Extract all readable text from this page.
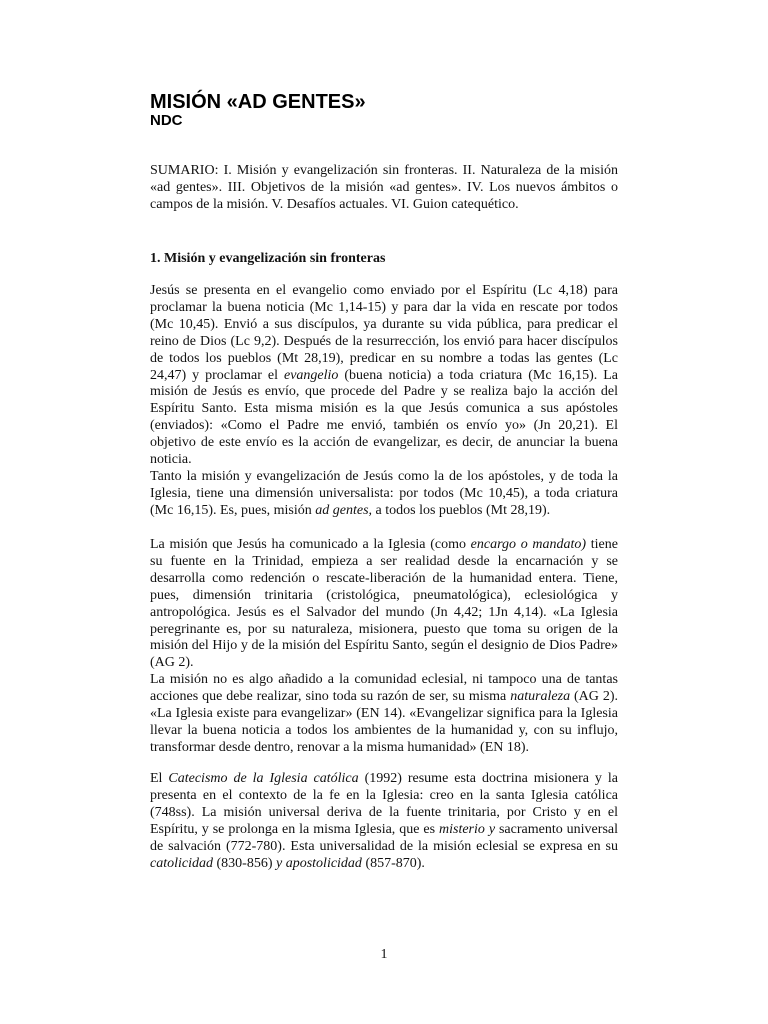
MISIÓN «AD GENTES»
NDC

SUMARIO: I. Misión y evangelización sin fronteras. II. Naturaleza de la misión «ad gentes». III. Objetivos de la misión «ad gentes». IV. Los nuevos ámbitos o campos de la misión. V. Desafíos actuales. VI. Guion catequético.

1. Misión y evangelización sin fronteras

Jesús se presenta en el evangelio como enviado por el Espíritu (Lc 4,18) para proclamar la buena noticia (Mc 1,14-15) y para dar la vida en rescate por todos (Mc 10,45). Envió a sus discípulos, ya durante su vida pública, para predicar el reino de Dios (Lc 9,2). Después de la resurrección, los envió para hacer discípulos de todos los pueblos (Mt 28,19), predicar en su nombre a todas las gentes (Lc 24,47) y proclamar el evangelio (buena noticia) a toda criatura (Mc 16,15). La misión de Jesús es envío, que procede del Padre y se realiza bajo la acción del Espíritu Santo. Esta misma misión es la que Jesús comunica a sus apóstoles (enviados): «Como el Padre me envió, también os envío yo» (Jn 20,21). El objetivo de este envío es la acción de evangelizar, es decir, de anunciar la buena noticia.

Tanto la misión y evangelización de Jesús como la de los apóstoles, y de toda la Iglesia, tiene una dimensión universalista: por todos (Mc 10,45), a toda criatura (Mc 16,15). Es, pues, misión ad gentes, a todos los pueblos (Mt 28,19).

La misión que Jesús ha comunicado a la Iglesia (como encargo o mandato) tiene su fuente en la Trinidad, empieza a ser realidad desde la encarnación y se desarrolla como redención o rescate-liberación de la humanidad entera. Tiene, pues, dimensión trinitaria (cristológica, pneumatológica), eclesiológica y antropológica. Jesús es el Salvador del mundo (Jn 4,42; 1Jn 4,14). «La Iglesia peregrinante es, por su naturaleza, misionera, puesto que toma su origen de la misión del Hijo y de la misión del Espíritu Santo, según el designio de Dios Padre» (AG 2).

La misión no es algo añadido a la comunidad eclesial, ni tampoco una de tantas acciones que debe realizar, sino toda su razón de ser, su misma naturaleza (AG 2). «La Iglesia existe para evangelizar» (EN 14). «Evangelizar significa para la Iglesia llevar la buena noticia a todos los ambientes de la humanidad y, con su influjo, transformar desde dentro, renovar a la misma humanidad» (EN 18).

El Catecismo de la Iglesia católica (1992) resume esta doctrina misionera y la presenta en el contexto de la fe en la Iglesia: creo en la santa Iglesia católica (748ss). La misión universal deriva de la fuente trinitaria, por Cristo y en el Espíritu, y se prolonga en la misma Iglesia, que es misterio y sacramento universal de salvación (772-780). Esta universalidad de la misión eclesial se expresa en su catolicidad (830-856) y apostolicidad (857-870).

1
